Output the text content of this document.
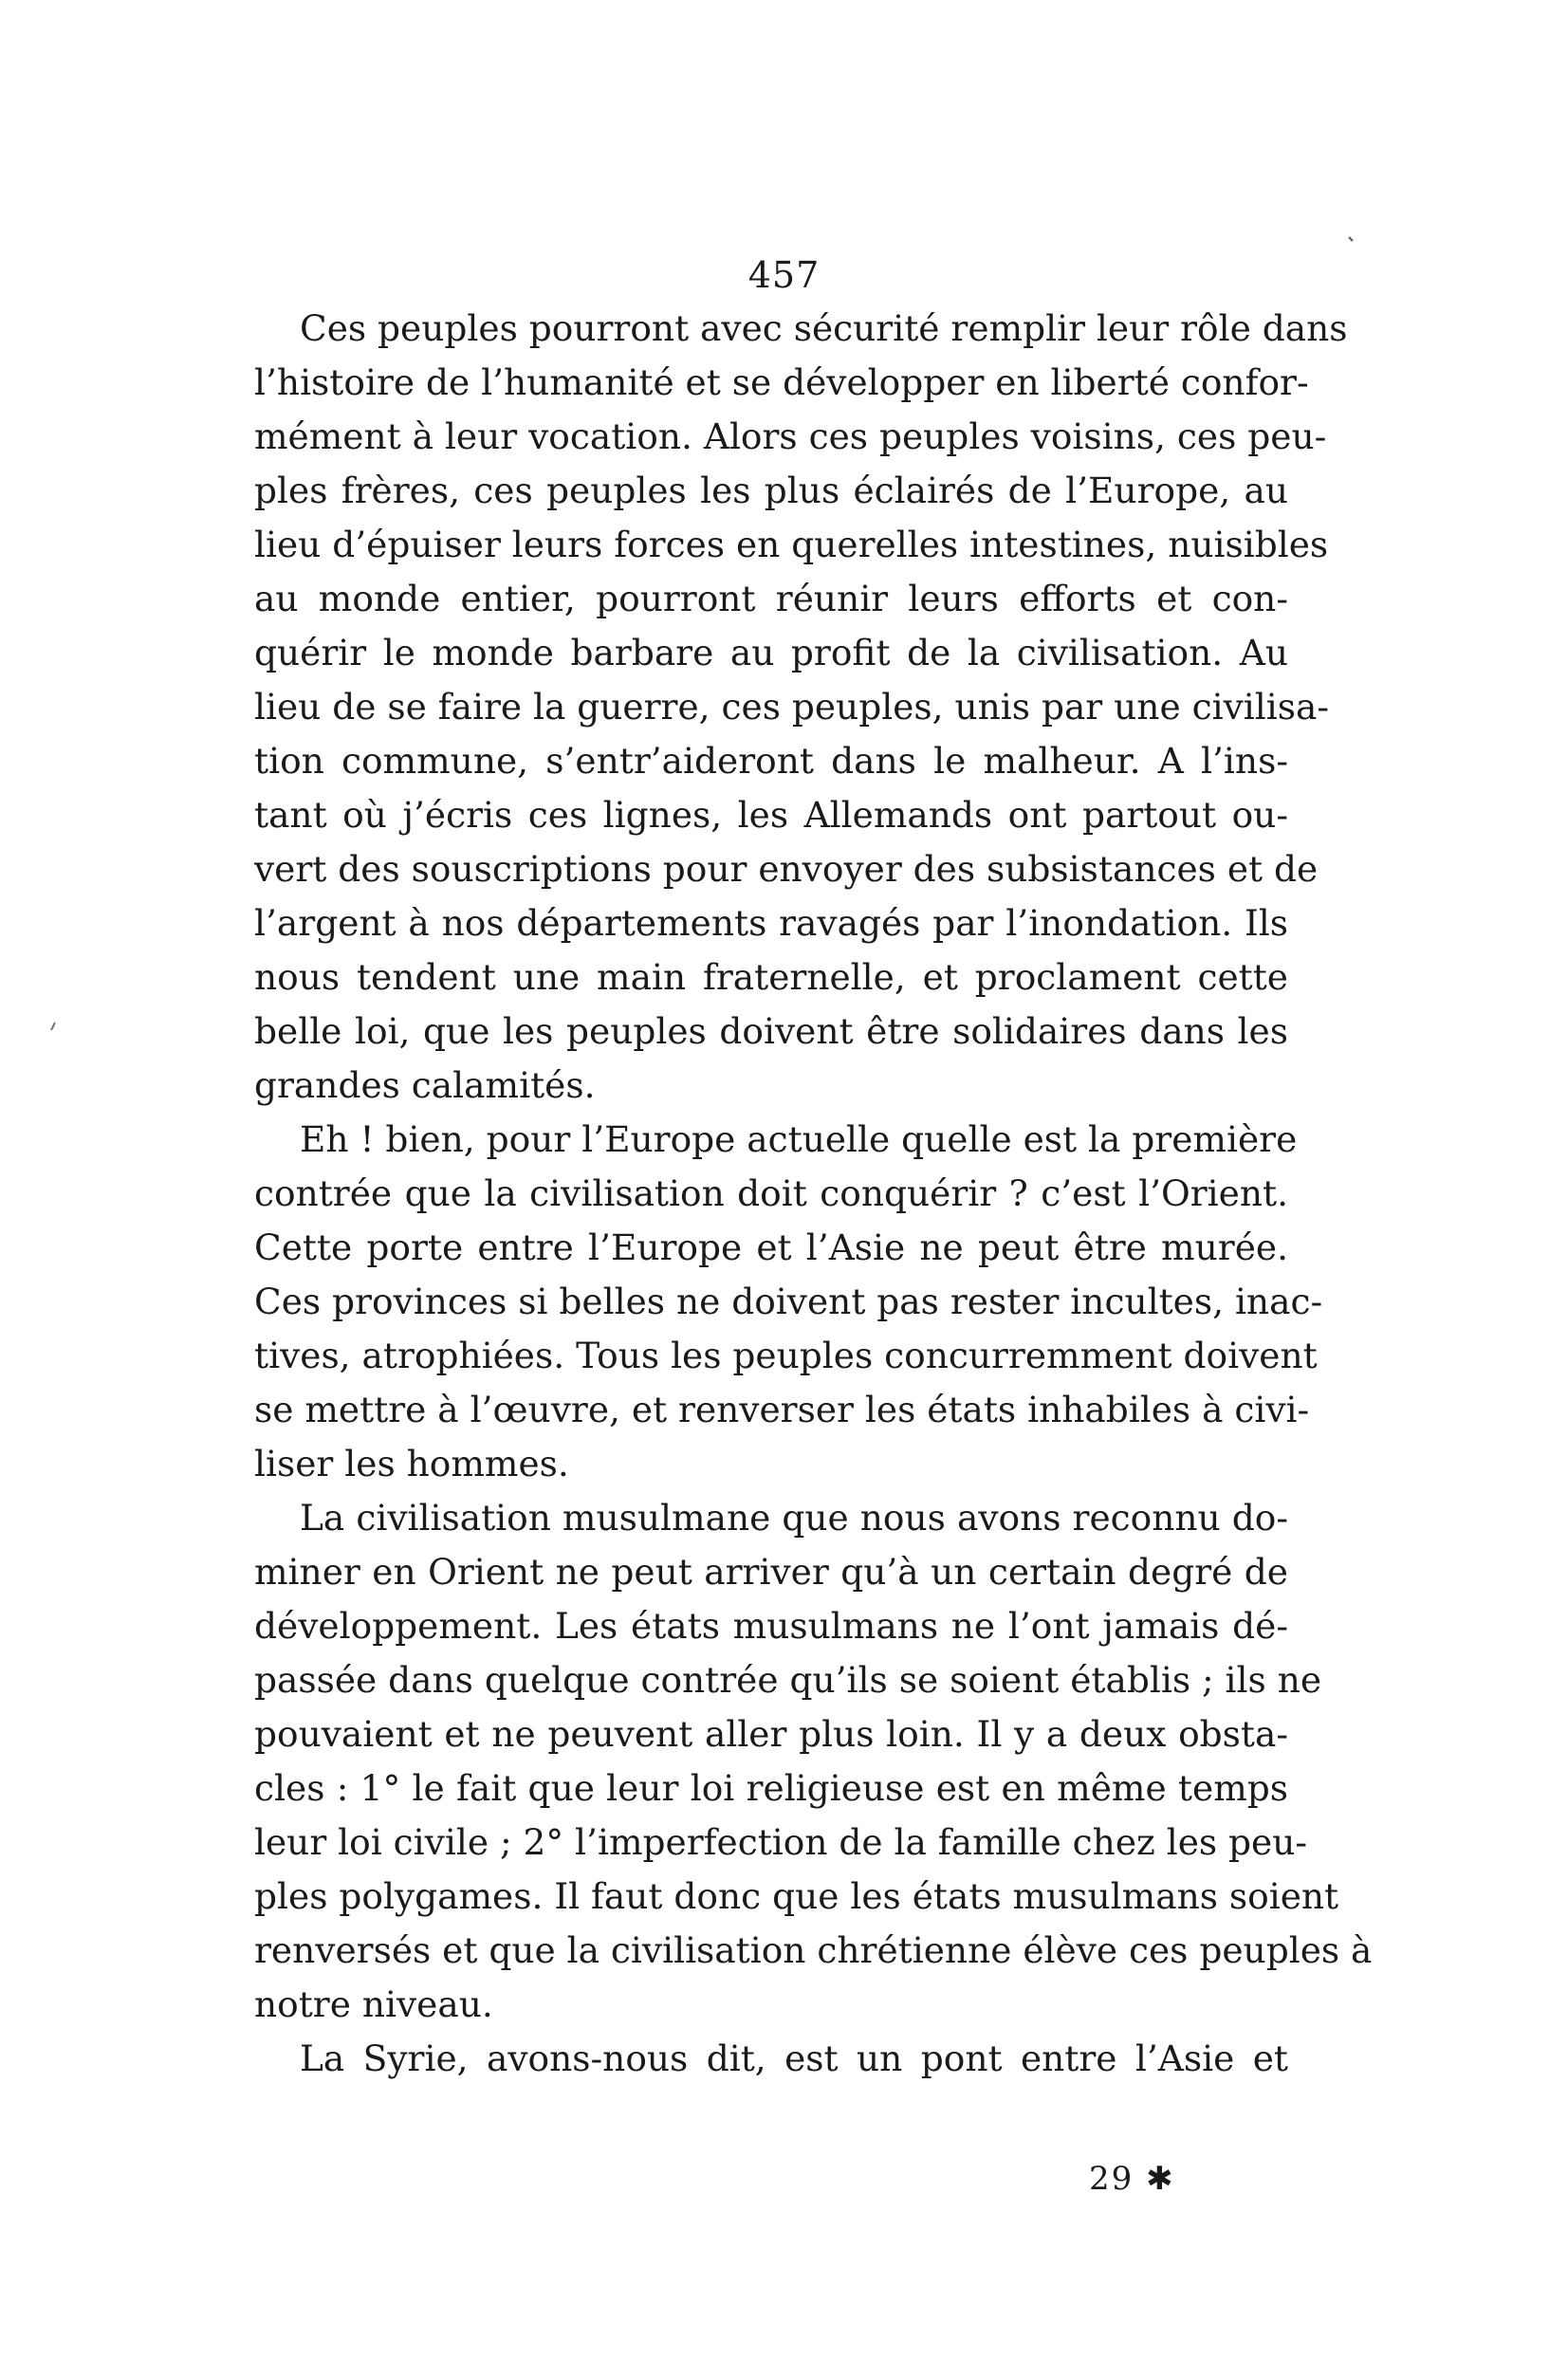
457

Ces peuples pourront avec sécurité remplir leur rôle dans
l’histoire de l’humanité et se développer en liberté confor-
mément à leur vocation. Alors ces peuples voisins, ces peu-
ples frères, ces peuples les plus éclairés de l’Europe, au
lieu d’épuiser leurs forces en querelles intestines, nuisibles
au monde entier, pourront réunir leurs efforts et con-
quérir le monde barbare au profit de la civilisation. Au
lieu de se faire la guerre, ces peuples, unis par une civilisa-
tion commune, s’entr’aideront dans le malheur. A l’ins-
tant où j’écris ces lignes, les Allemands ont partout ou-
vert des souscriptions pour envoyer des subsistances et de
l’argent à nos départements ravagés par l’inondation. Ils
nous tendent une main fraternelle, et proclament cette
belle loi, que les peuples doivent être solidaires dans les
grandes calamités.

Eh ! bien, pour l’Europe actuelle quelle est la première
contrée que la civilisation doit conquérir ? c’est l’Orient.
Cette porte entre l’Europe et l’Asie ne peut être murée.
Ces provinces si belles ne doivent pas rester incultes, inac-
tives, atrophiées. Tous les peuples concurremment doivent
se mettre à l’œuvre, et renverser les états inhabiles à civi-
liser les hommes.

La civilisation musulmane que nous avons reconnu do-
miner en Orient ne peut arriver qu’à un certain degré de
développement. Les états musulmans ne l’ont jamais dé-
passée dans quelque contrée qu’ils se soient établis ; ils ne
pouvaient et ne peuvent aller plus loin. Il y a deux obsta-
cles : 1° le fait que leur loi religieuse est en même temps
leur loi civile ; 2° l’imperfection de la famille chez les peu-
ples polygames. Il faut donc que les états musulmans soient
renversés et que la civilisation chrétienne élève ces peuples à
notre niveau.

La Syrie, avons-nous dit, est un pont entre l’Asie et

29 ✱
